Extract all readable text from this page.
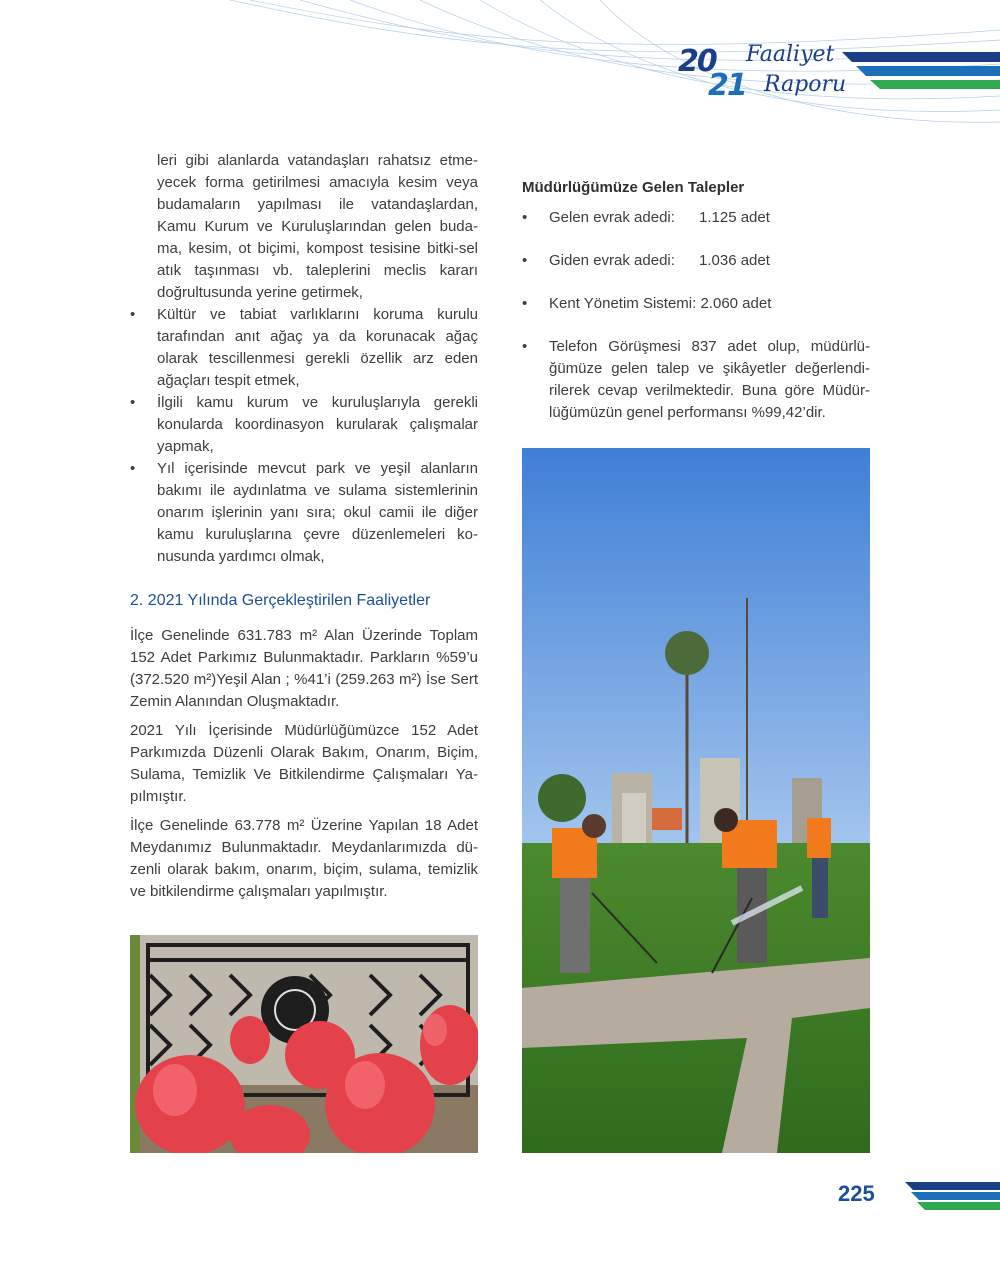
20
21
Faaliyet
Raporu

leri gibi alanlarda vatandaşları rahatsız etme-yecek forma getirilmesi amacıyla kesim veya budamaların yapılması ile vatandaşlardan, Kamu Kurum ve Kuruluşlarından gelen buda-ma, kesim, ot biçimi, kompost tesisine bitki-sel atık taşınması vb. taleplerini meclis kararı doğrultusunda yerine getirmek,

•	Kültür ve tabiat varlıklarını koruma kurulu tarafından anıt ağaç ya da korunacak ağaç olarak tescillenmesi gerekli özellik arz eden ağaçları tespit etmek,
•	İlgili kamu kurum ve kuruluşlarıyla gerekli konularda koordinasyon kurularak çalışmalar yapmak,
•	Yıl içerisinde mevcut park ve yeşil alanların bakımı ile aydınlatma ve sulama sistemlerinin onarım işlerinin yanı sıra; okul camii ile diğer kamu kuruluşlarına çevre düzenlemeleri ko-nusunda yardımcı olmak,
2. 2021 Yılında Gerçekleştirilen Faaliyetler

İlçe Genelinde 631.783 m² Alan Üzerinde Toplam 152 Adet Parkımız Bulunmaktadır. Parkların %59’u (372.520 m²)Yeşil Alan ; %41’i (259.263 m²) İse Sert Zemin Alanından Oluşmaktadır.

2021 Yılı İçerisinde Müdürlüğümüzce 152 Adet Parkımızda Düzenli Olarak Bakım, Onarım, Biçim, Sulama, Temizlik Ve Bitkilendirme Çalışmaları Ya-pılmıştır.

İlçe Genelinde 63.778 m² Üzerine Yapılan 18 Adet Meydanımız Bulunmaktadır. Meydanlarımızda dü-zenli olarak bakım, onarım, biçim, sulama, temizlik ve bitkilendirme çalışmaları yapılmıştır.

Müdürlüğümüze Gelen Talepler
• Gelen evrak adedi: 1.125 adet
• Giden evrak adedi: 1.036 adet
• Kent Yönetim Sistemi: 2.060 adet
• Telefon Görüşmesi 837 adet olup, müdürlü-ğümüze gelen talep ve şikâyetler değerlendi-rilerek cevap verilmektedir. Buna göre Müdür-lüğümüzün genel performansı %99,42’dir.
225
